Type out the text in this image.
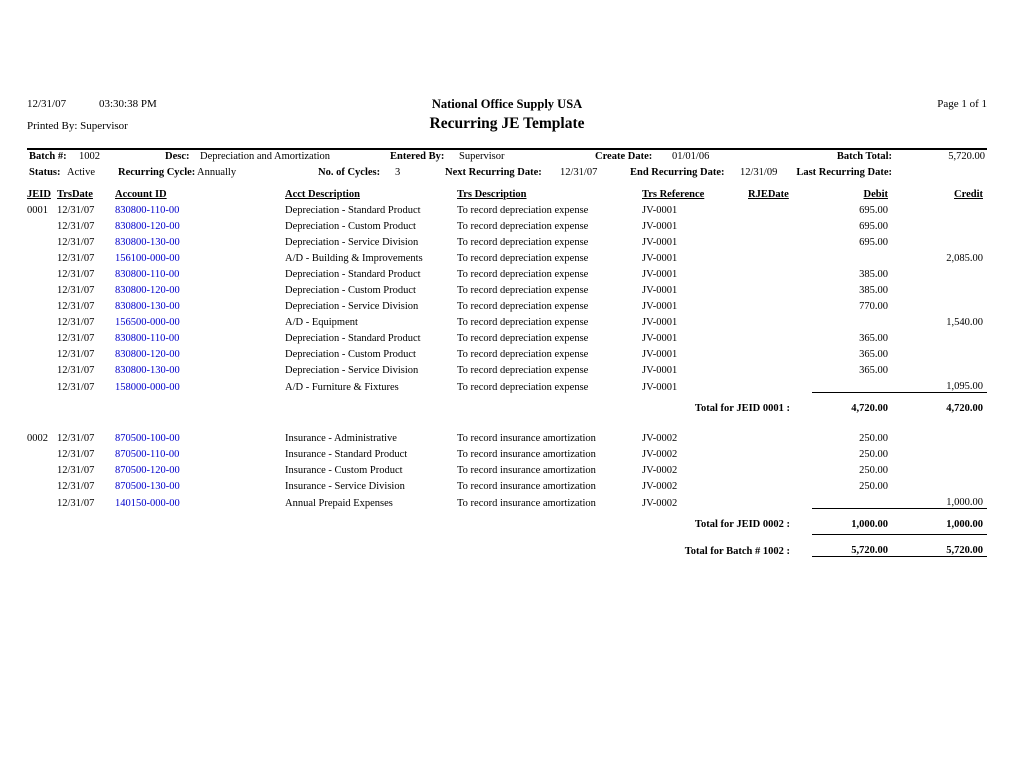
12/31/07	03:30:38 PM
Printed By: Supervisor
National Office Supply USA
Recurring JE Template
Page 1 of 1
Batch #: 1002	Desc: Depreciation and Amortization	Entered By: Supervisor	Create Date: 01/01/06	Batch Total:	5,720.00
Status: Active Recurring Cycle: Annually	No. of Cycles: 3	Next Recurring Date: 12/31/07	End Recurring Date: 12/31/09 Last Recurring Date:
JEID	TrsDate	Account ID	Acct Description	Trs Description	Trs Reference	RJEDate	Debit	Credit
0001	12/31/07	830800-110-00	Depreciation - Standard Product	To record depreciation expense	JV-0001		695.00	
	12/31/07	830800-120-00	Depreciation - Custom Product	To record depreciation expense	JV-0001		695.00	
	12/31/07	830800-130-00	Depreciation - Service Division	To record depreciation expense	JV-0001		695.00	
	12/31/07	156100-000-00	A/D - Building & Improvements	To record depreciation expense	JV-0001			2,085.00
	12/31/07	830800-110-00	Depreciation - Standard Product	To record depreciation expense	JV-0001		385.00	
	12/31/07	830800-120-00	Depreciation - Custom Product	To record depreciation expense	JV-0001		385.00	
	12/31/07	830800-130-00	Depreciation - Service Division	To record depreciation expense	JV-0001		770.00	
	12/31/07	156500-000-00	A/D - Equipment	To record depreciation expense	JV-0001			1,540.00
	12/31/07	830800-110-00	Depreciation - Standard Product	To record depreciation expense	JV-0001		365.00	
	12/31/07	830800-120-00	Depreciation - Custom Product	To record depreciation expense	JV-0001		365.00	
	12/31/07	830800-130-00	Depreciation - Service Division	To record depreciation expense	JV-0001		365.00	
	12/31/07	158000-000-00	A/D - Furniture & Fixtures	To record depreciation expense	JV-0001			1,095.00
Total for JEID 0001 :							4,720.00	4,720.00

0002	12/31/07	870500-100-00	Insurance - Administrative	To record insurance amortization	JV-0002		250.00	
	12/31/07	870500-110-00	Insurance - Standard Product	To record insurance amortization	JV-0002		250.00	
	12/31/07	870500-120-00	Insurance - Custom Product	To record insurance amortization	JV-0002		250.00	
	12/31/07	870500-130-00	Insurance - Service Division	To record insurance amortization	JV-0002		250.00	
	12/31/07	140150-000-00	Annual Prepaid Expenses	To record insurance amortization	JV-0002			1,000.00
Total for JEID 0002 :							1,000.00	1,000.00

Total for Batch # 1002 :							5,720.00	5,720.00
